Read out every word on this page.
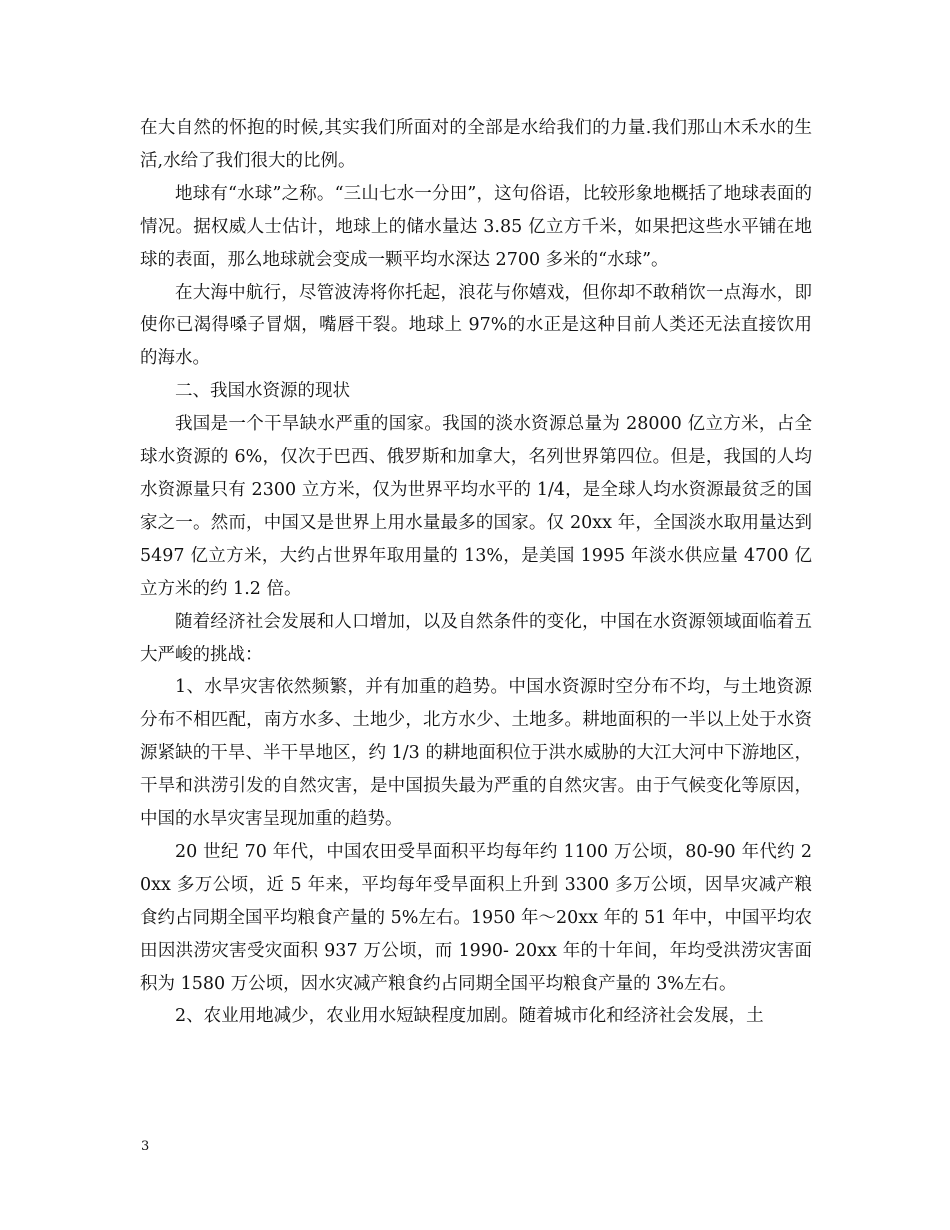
在大自然的怀抱的时候,其实我们所面对的全部是水给我们的力量.我们那山木禾水的生活,水给了我们很大的比例。

地球有“水球”之称。“三山七水一分田”，这句俗语，比较形象地概括了地球表面的情况。据权威人士估计，地球上的储水量达 3.85 亿立方千米，如果把这些水平铺在地球的表面，那么地球就会变成一颗平均水深达 2700 多米的“水球”。

在大海中航行，尽管波涛将你托起，浪花与你嬉戏，但你却不敢稍饮一点海水，即使你已渴得嗓子冒烟，嘴唇干裂。地球上 97%的水正是这种目前人类还无法直接饮用的海水。

二、我国水资源的现状

我国是一个干旱缺水严重的国家。我国的淡水资源总量为 28000 亿立方米，占全球水资源的 6%，仅次于巴西、俄罗斯和加拿大，名列世界第四位。但是，我国的人均水资源量只有 2300 立方米，仅为世界平均水平的 1/4，是全球人均水资源最贫乏的国家之一。然而，中国又是世界上用水量最多的国家。仅 20xx 年，全国淡水取用量达到 5497 亿立方米，大约占世界年取用量的 13%，是美国 1995 年淡水供应量 4700 亿立方米的约 1.2 倍。

随着经济社会发展和人口增加，以及自然条件的变化，中国在水资源领域面临着五大严峻的挑战：

1、水旱灾害依然频繁，并有加重的趋势。中国水资源时空分布不均，与土地资源分布不相匹配，南方水多、土地少，北方水少、土地多。耕地面积的一半以上处于水资源紧缺的干旱、半干旱地区，约 1/3 的耕地面积位于洪水威胁的大江大河中下游地区，干旱和洪涝引发的自然灾害，是中国损失最为严重的自然灾害。由于气候变化等原因，中国的水旱灾害呈现加重的趋势。

20 世纪 70 年代，中国农田受旱面积平均每年约 1100 万公顷，80-90 年代约 20xx 多万公顷，近 5 年来，平均每年受旱面积上升到 3300 多万公顷，因旱灾减产粮食约占同期全国平均粮食产量的 5%左右。1950 年～20xx 年的 51 年中，中国平均农田因洪涝灾害受灾面积 937 万公顷，而 1990- 20xx 年的十年间，年均受洪涝灾害面积为 1580 万公顷，因水灾减产粮食约占同期全国平均粮食产量的 3%左右。

2、农业用地减少，农业用水短缺程度加剧。随着城市化和经济社会发展，土

3
